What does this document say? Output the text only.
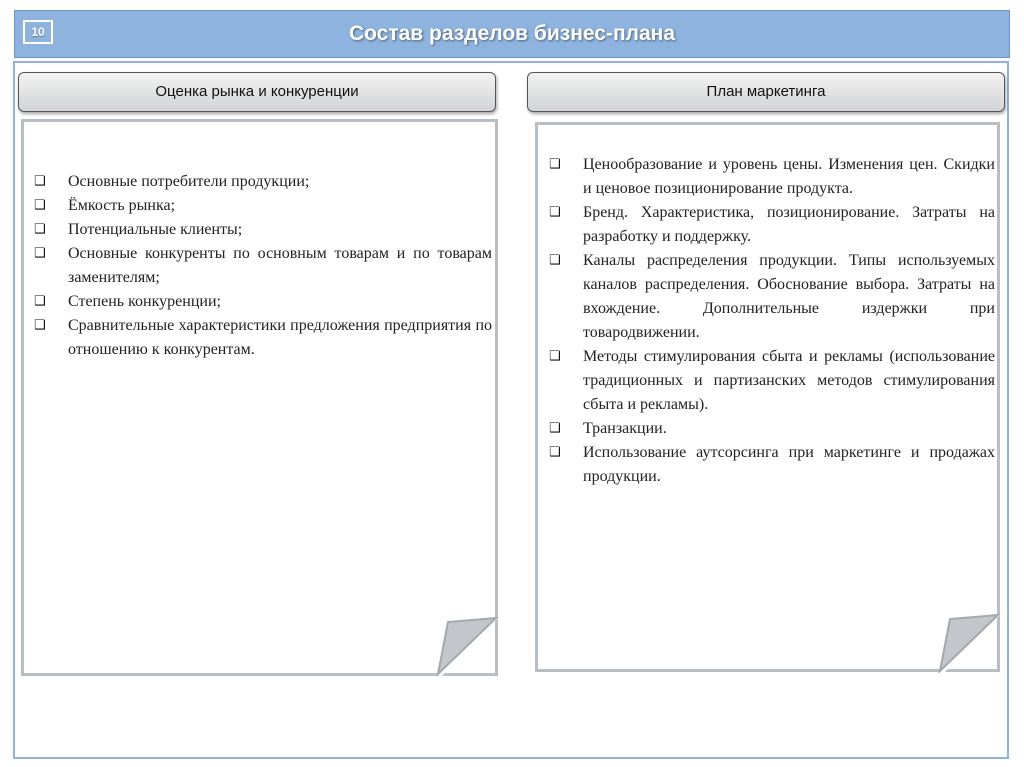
10	Состав разделов бизнес-плана
Оценка рынка и конкуренции	План маркетинга
❑	Основные потребители продукции;
❑	Ёмкость рынка;
❑	Потенциальные клиенты;
❑	Основные конкуренты по основным товарам и по товарам заменителям;
❑	Степень конкуренции;
❑	Сравнительные характеристики предложения предприятия по отношению к конкурентам.
❑	Ценообразование и уровень цены. Изменения цен. Скидки и ценовое позиционирование продукта.
❑	Бренд. Характеристика, позиционирование. Затраты на разработку и поддержку.
❑	Каналы распределения продукции. Типы используемых каналов распределения. Обоснование выбора. Затраты на вхождение. Дополнительные издержки при товародвижении.
❑	Методы стимулирования сбыта и рекламы (использование традиционных и партизанских методов стимулирования сбыта и рекламы).
❑	Транзакции.
❑	Использование аутсорсинга при маркетинге и продажах продукции.
